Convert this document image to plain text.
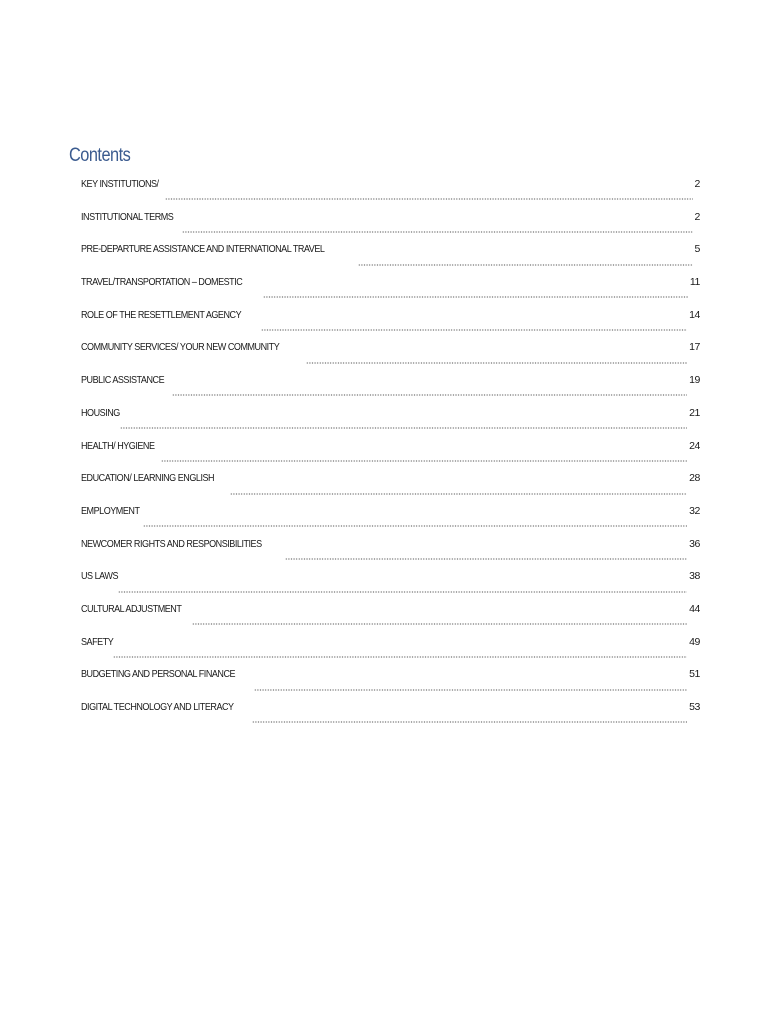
Contents
KEY INSTITUTIONS/	2
INSTITUTIONAL TERMS	2
PRE-DEPARTURE ASSISTANCE AND INTERNATIONAL TRAVEL	5
TRAVEL/TRANSPORTATION – DOMESTIC	11
ROLE OF THE RESETTLEMENT AGENCY	14
COMMUNITY SERVICES/ YOUR NEW COMMUNITY	17
PUBLIC ASSISTANCE	19
HOUSING	21
HEALTH/ HYGIENE	24
EDUCATION/ LEARNING ENGLISH	28
EMPLOYMENT	32
NEWCOMER RIGHTS AND RESPONSIBILITIES	36
US LAWS	38
CULTURAL ADJUSTMENT	44
SAFETY	49
BUDGETING AND PERSONAL FINANCE	51
DIGITAL TECHNOLOGY AND LITERACY	53
